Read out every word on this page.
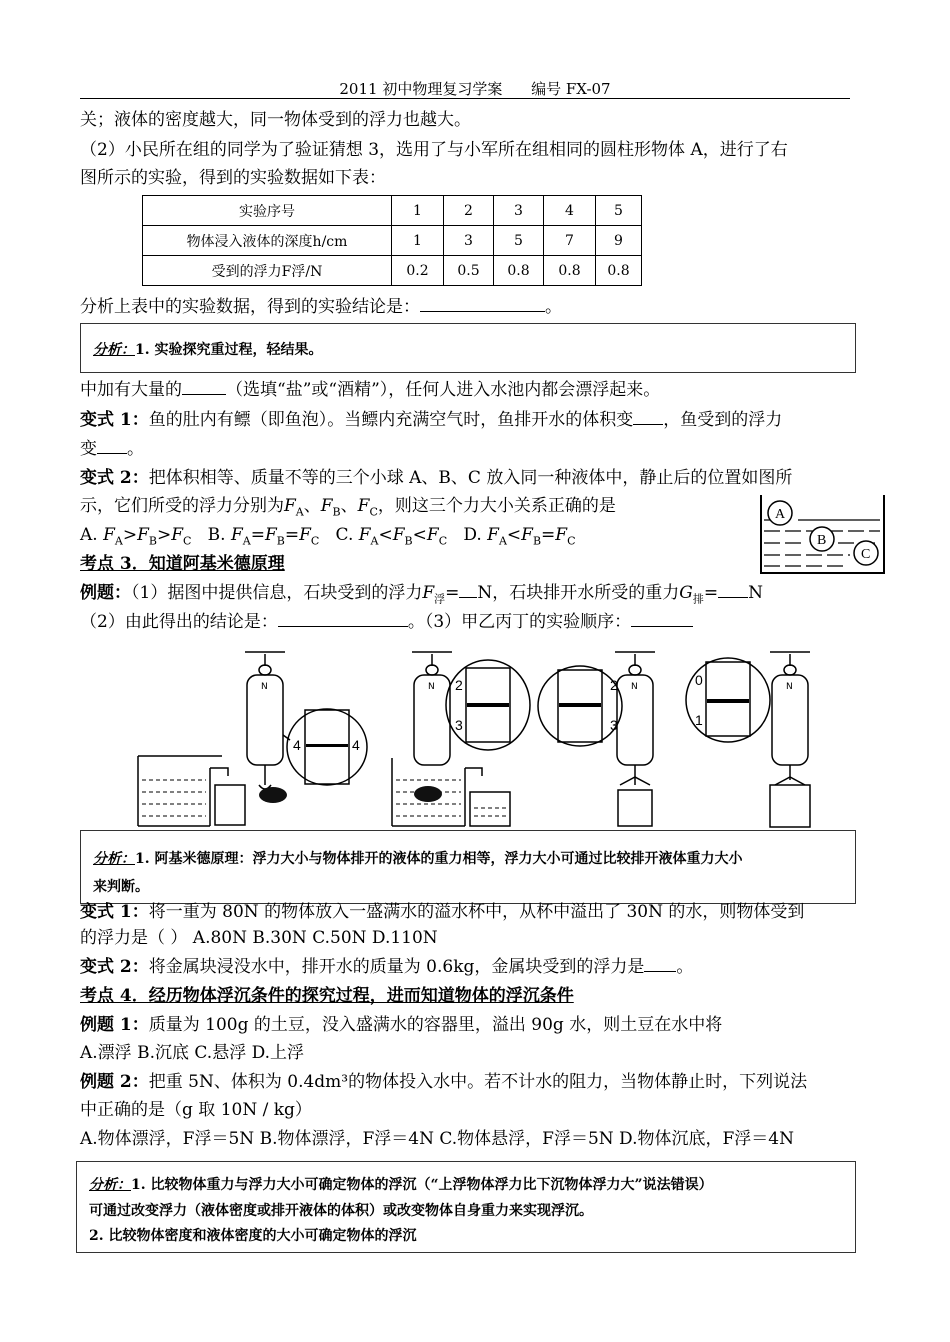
2011 初中物理复习学案 编号 FX-07
关；液体的密度越大，同一物体受到的浮力也越大。
（2）小民所在组的同学为了验证猜想 3，选用了与小军所在组相同的圆柱形物体 A，进行了右
图所示的实验，得到的实验数据如下表：
实验序号	1	2	3	4	5
物体浸入液体的深度h/cm	1	3	5	7	9
受到的浮力F浮/N	0.2	0.5	0.8	0.8	0.8
分析上表中的实验数据，得到的实验结论是：	。
分析：1. 实验探究重过程，轻结果。
中加有大量的	（选填“盐”或“酒精”），任何人进入水池内都会漂浮起来。
变式 1：鱼的肚内有鳔（即鱼泡）。当鳔内充满空气时，鱼排开水的体积变 ，鱼受到的浮力
变 。
变式 2：把体积相等、质量不等的三个小球 A、B、C 放入同一种液体中，静止后的位置如图所
示，它们所受的浮力分别为$F_A$、$F_B$、$F_C$，则这三个力大小关系正确的是
A. $F_A>F_B>F_C$   B. $F_A=F_B=F_C$   C. $F_A<F_B<F_C$   D. $F_A<F_B=F_C$
A
B
C
考点 3．知道阿基米德原理
例题：（1）据图中提供信息，石块受到的浮力$F_浮= N$，石块排开水所受的重力$G_排= N$
（2）由此得出的结论是：	。（3）甲乙丙丁的实验顺序：
N	N	N	N
4	4
2
3
2
3
0
1
分析：1. 阿基米德原理：浮力大小与物体排开的液体的重力相等，浮力大小可通过比较排开液体重力大小
来判断。
变式 1：将一重为 80N 的物体放入一盛满水的溢水杯中，从杯中溢出了 30N 的水，则物体受到
的浮力是（ ） A.80N B.30N C.50N D.110N
变式 2：将金属块浸没水中，排开水的质量为 0.6kg，金属块受到的浮力是 。
考点 4．经历物体浮沉条件的探究过程，进而知道物体的浮沉条件
例题 1：质量为 100g 的土豆，没入盛满水的容器里，溢出 90g 水，则土豆在水中将
A.漂浮 B.沉底 C.悬浮 D.上浮
例题 2：把重 5N、体积为 0.4dm³的物体投入水中。若不计水的阻力，当物体静止时，下列说法
中正确的是（g 取 10N / kg）
A.物体漂浮，F浮＝5N B.物体漂浮，F浮＝4N C.物体悬浮，F浮＝5N D.物体沉底，F浮＝4N
分析：1. 比较物体重力与浮力大小可确定物体的浮沉（“上浮物体浮力比下沉物体浮力大”说法错误）
可通过改变浮力（液体密度或排开液体的体积）或改变物体自身重力来实现浮沉。
2. 比较物体密度和液体密度的大小可确定物体的浮沉
